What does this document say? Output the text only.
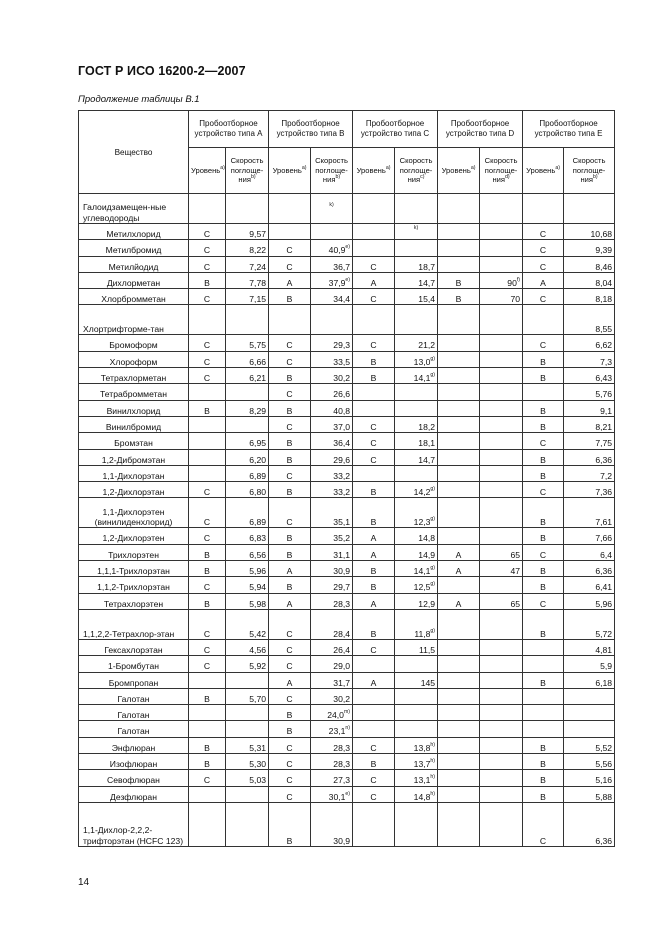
ГОСТ Р ИСО 16200-2—2007
Продолжение таблицы В.1
Вещество	Пробоотборное устройство типа A		Пробоотборное устройство типа B		Пробоотборное устройство типа C		Пробоотборное устройство типа D		Пробоотборное устройство типа E	
	Уровень$^{a)}$	Скорость поглоще-ния$^{b)}$	Уровень$^{a)}$	Скорость поглоще-ния$^{b)}$	Уровень$^{a)}$	Скорость поглоще-ния$^{c)}$	Уровень$^{a)}$	Скорость поглоще-ния$^{d)}$	Уровень$^{a)}$	Скорость поглоще-ния$^{b)}$
Галоидзамещен-ные углеводороды				$^{k)}$						
Метилхлорид	C	9,57				$^{k)}$			C	10,68
Метилбромид	C	8,22	C	40,9$^{e)}$					C	9,39
Метилйодид	C	7,24	C	36,7	C	18,7			C	8,46
Дихлорметан	B	7,78	A	37,9$^{e)}$	A	14,7	B	90$^{f)}$	A	8,04
Хлорбромметан	C	7,15	B	34,4	C	15,4	B	70	C	8,18
Хлортрифторме-тан										8,55
Бромоформ	C	5,75	C	29,3	C	21,2			C	6,62
Хлороформ	C	6,66	C	33,5	B	13,0$^{g)}$			B	7,3
Тетрахлорметан	C	6,21	B	30,2	B	14,1$^{g)}$			B	6,43
Тетрабромметан			C	26,6						5,76
Винилхлорид	B	8,29	B	40,8					B	9,1
Винилбромид			C	37,0	C	18,2			B	8,21
Бромэтан		6,95	B	36,4	C	18,1			C	7,75
1,2-Дибромэтан		6,20	B	29,6	C	14,7			B	6,36
1,1-Дихлорэтан		6,89	C	33,2					B	7,2
1,2-Дихлорэтан	C	6,80	B	33,2	B	14,2$^{g)}$			C	7,36
1,1-Дихлорэтен (винилиденхлорид)	C	6,89	C	35,1	B	12,3$^{g)}$			B	7,61
1,2-Дихлорэтен	C	6,83	B	35,2	A	14,8			B	7,66
Трихлорэтен	B	6,56	B	31,1	A	14,9	A	65	C	6,4
1,1,1-Трихлорэтан	B	5,96	A	30,9	B	14,1$^{g)}$	A	47	B	6,36
1,1,2-Трихлорэтан	C	5,94	B	29,7	B	12,5$^{g)}$			B	6,41
Тетрахлорэтен	B	5,98	A	28,3	A	12,9	A	65	C	5,96
1,1,2,2-Тетрахлор-этан	C	5,42	C	28,4	B	11,8$^{g)}$			B	5,72
Гексахлорэтан	C	4,56	C	26,4	C	11,5				4,81
1-Бромбутан	C	5,92	C	29,0						5,9
Бромпропан			A	31,7	A	145			B	6,18
Галотан	B	5,70	C	30,2						
Галотан			B	24,0$^{m)}$						
Галотан			B	23,1$^{n)}$						
Энфлюран	B	5,31	C	28,3	C	13,8$^{h)}$			B	5,52
Изофлюран	B	5,30	C	28,3	B	13,7$^{h)}$			B	5,56
Севофлюран	C	5,03	C	27,3	C	13,1$^{h)}$			B	5,16
Дезфлюран			C	30,1$^{e)}$	C	14,8$^{h)}$			B	5,88
1,1-Дихлор-2,2,2-трифторэтан (HCFC 123)			B	30,9					C	6,36
14
